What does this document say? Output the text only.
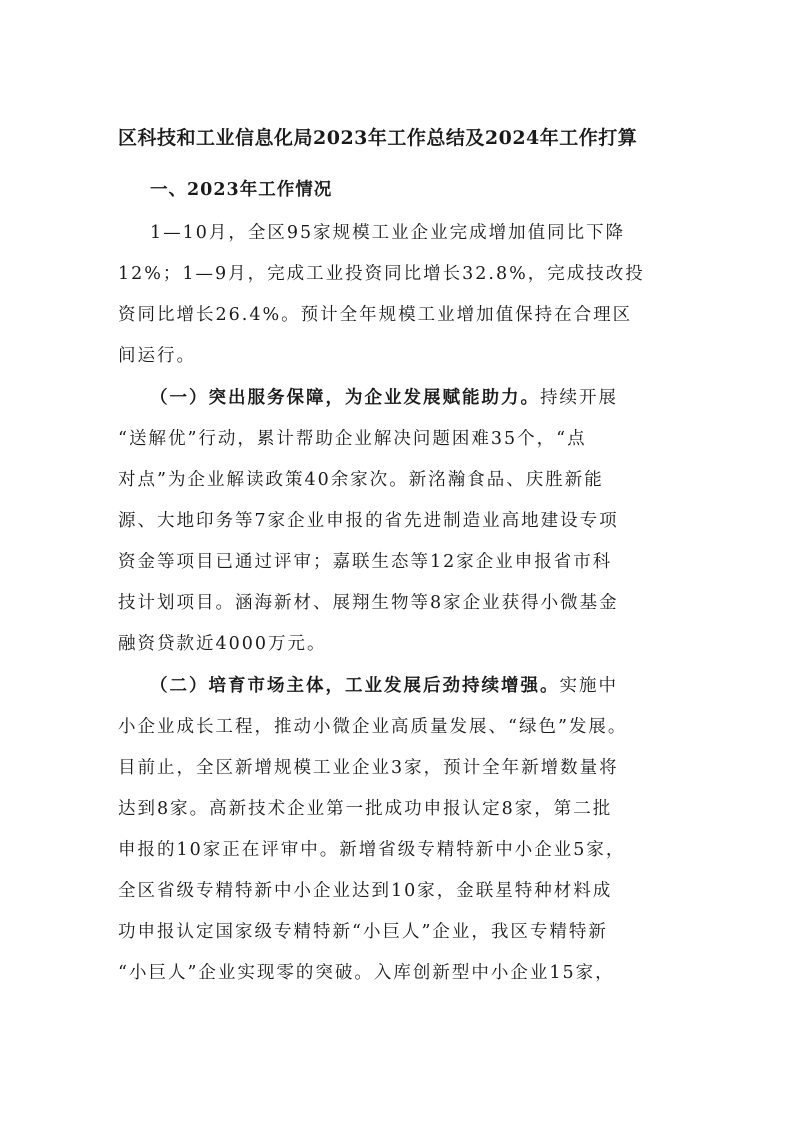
区科技和工业信息化局2023年工作总结及2024年工作打算
一、2023年工作情况
1—10月，全区95家规模工业企业完成增加值同比下降
12%；1—9月，完成工业投资同比增长32.8%，完成技改投
资同比增长26.4%。预计全年规模工业增加值保持在合理区
间运行。
（一）突出服务保障，为企业发展赋能助力。持续开展
“送解优”行动，累计帮助企业解决问题困难35个，“点
对点”为企业解读政策40余家次。新洺瀚食品、庆胜新能
源、大地印务等7家企业申报的省先进制造业高地建设专项
资金等项目已通过评审；嘉联生态等12家企业申报省市科
技计划项目。涵海新材、展翔生物等8家企业获得小微基金
融资贷款近4000万元。
（二）培育市场主体，工业发展后劲持续增强。实施中
小企业成长工程，推动小微企业高质量发展、“绿色”发展。
目前止，全区新增规模工业企业3家，预计全年新增数量将
达到8家。高新技术企业第一批成功申报认定8家，第二批
申报的10家正在评审中。新增省级专精特新中小企业5家，
全区省级专精特新中小企业达到10家，金联星特种材料成
功申报认定国家级专精特新“小巨人”企业，我区专精特新
“小巨人”企业实现零的突破。入库创新型中小企业15家，
